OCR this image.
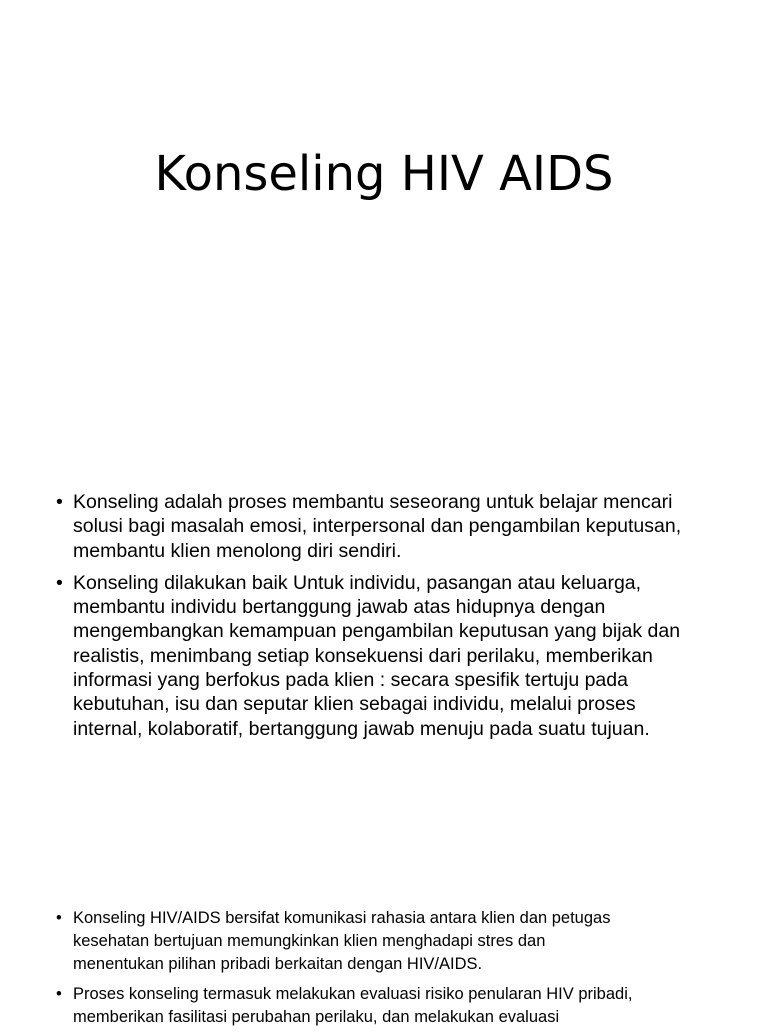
Konseling HIV AIDS
• Konseling adalah proses membantu seseorang untuk belajar mencari
solusi bagi masalah emosi, interpersonal dan pengambilan keputusan,
membantu klien menolong diri sendiri.
• Konseling dilakukan baik Untuk individu, pasangan atau keluarga,
membantu individu bertanggung jawab atas hidupnya dengan
mengembangkan kemampuan pengambilan keputusan yang bijak dan
realistis, menimbang setiap konsekuensi dari perilaku, memberikan
informasi yang berfokus pada klien : secara spesifik tertuju pada
kebutuhan, isu dan seputar klien sebagai individu, melalui proses
internal, kolaboratif, bertanggung jawab menuju pada suatu tujuan.
• Konseling HIV/AIDS bersifat komunikasi rahasia antara klien dan petugas
kesehatan bertujuan memungkinkan klien menghadapi stres dan
menentukan pilihan pribadi berkaitan dengan HIV/AIDS.
• Proses konseling termasuk melakukan evaluasi risiko penularan HIV pribadi,
memberikan fasilitasi perubahan perilaku, dan melakukan evaluasi
